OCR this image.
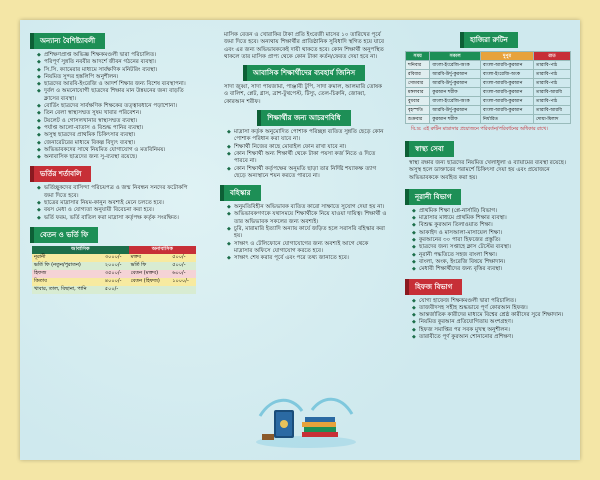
অন্যান্য বৈশিষ্ট্যাবলী
◆ প্রশিক্ষণপ্রাপ্ত অভিজ্ঞ শিক্ষকমণ্ডলী দ্বারা পরিচালিত।
◆ পরিপূর্ণ সুন্নতি নববীর আদর্শে জীবন গঠনের ব্যবস্থা।
◆ সি.সি. ক্যামেরার মাধ্যমে সার্বক্ষণিক মনিটরিং ব্যবস্থা।
◆ নিয়মিত সুন্দর হস্তলিপি অনুশীলন।
◆ ছাত্রদের আরবি-ইংরেজি ও আদর্শ শিক্ষার জন্য বিশেষ ব্যবস্থাপনা।
◆ দুর্বল ও অমনোযোগী ছাত্রদের শিক্ষার মান উন্নয়নের জন্য বাড়তি ক্লাসের ব্যবস্থা।
◆ বোর্ডিং ছাত্রদের সার্বক্ষণিক শিক্ষকের তত্ত্বাবধানে পড়াশোনা।
◆ তিন বেলা স্বাস্থ্যসম্মত সুষম খাবার পরিবেশন।
◆ টয়লেট ও গোসলখানার স্বাস্থ্যসম্মত ব্যবস্থা।
◆ পর্যাপ্ত আলো-বাতাস ও বিশুদ্ধ পানির ব্যবস্থা।
◆ অসুস্থ ছাত্রদের প্রাথমিক চিকিৎসার ব্যবস্থা।
◆ জেনারেটরের মাধ্যমে বিকল্প বিদ্যুৎ ব্যবস্থা।
◆ অভিভাবকদের সাথে নিয়মিত যোগাযোগ ও মতবিনিময়।
◆ অনাবাসিক ছাত্রদের জন্য সু-ব্যবস্থা রয়েছে।
ভর্তির শর্তাবলি
◆ ভর্তিচ্ছুকদের বাসিন্দা পরিচয়পত্র ও জন্ম নিবন্ধন সনদের ফটোকপি জমা দিতে হবে।
◆ ছাত্রের মাদ্রাসার নিয়ম-কানুন অবশ্যই মেনে চলতে হবে।
◆ বয়স মেধা ও যোগ্যতা অনুযায়ী বিবেচনা করা হবে।
◆ ভর্তি ফরম, ভর্তি বাতিল করা মাদ্রাসা কর্তৃপক্ষ কর্তৃক সংরক্ষিত।
বেতন ও ভর্তি ফি
আবাসিক		অনাবাসিক	
নূরানী	৩০০০/-	মক্তব	৫০০/-
ভর্তি ফি (নতুন/পুরাতন)	২০০০/-	ভর্তি ফি	৫০০/-
হিফজ	৩৫০০/-	বেতন (মক্তব)	৬০০/-
কিতাব	৪০০০/-	বেতন (হিফজ)	১০০০/-
খাবার, তাল, বিছানা, পানি	৫০০/-		

মাসিক বেতন ও খোরাকির টাকা প্রতি ইংরেজী মাসের ১০ তারিখের পূর্বে জমা দিতে হবে। অন্যথায় শিক্ষার্থীর প্রাতিষ্ঠানিক সুবিধাদি স্থগিত হয়ে যাবে এবং এর জন্য অভিভাবককেই দায়ী থাকতে হবে। কোন শিক্ষার্থী অনুপস্থিত থাকলে তার মাসিক প্রাপ্য থেকে কোন টাকা কর্তন/ফেরত দেয়া হবে না।

আবাসিক শিক্ষার্থীদের ব্যবহার্য জিনিস

সাদা জুব্বা, সাদা পায়জামা, পাঞ্জাবী টুপি, সাদা রুমাল, আলমারি তোষক ও বালিশ, প্লেট, গ্লাস, ব্রাশ-টুথপেস্ট, টিস্যু, তেল-চিরুনি, জোব্বা, কোরআন শরীফ।

শিক্ষার্থীর জন্য আচরণবিধি
◆ মাদ্রাসা কর্তৃক অনুমোদিত পোশাক পরিচ্ছন্ন ব্যতিত সুন্নতি ছেড়ে কোন পোশাক পরিধান করা যাবে না।
◆ শিক্ষার্থী নিজের কাছে মোবাইল ফোন রাখা যাবে না।
◆ কোন শিক্ষার্থী অন্য শিক্ষার্থী থেকে টাকা পয়সা কর্জ নিতে ও দিতে পারবে না।
◆ কোন শিক্ষার্থী কর্তৃপক্ষের অনুমতি ছাড়া তার নির্দিষ্ট শয্যাকক্ষ ত্যাগ ছেড়ে অন্যস্থানে শয়ন করতে পারবে না।
বহিস্কার
◆ অনুমতিবিহীন অভিভাবক ব্যতিত কারো সাক্ষাতে সুযোগ দেয়া হয় না।
◆ অভিভাবকগণকে যথাসময়ে শিক্ষার্থীকে নিয়ে যাওয়া দায়িত্ব। শিক্ষার্থী ও তার অভিভাবক সকলের জন্য অবশ্যই।
◆ চুরি, মারামারি ইত্যাদি অন্যায় কার্যে জড়িত হলে সরাসরি বহিস্কার করা হয়।
◆ সাক্ষাৎ ও টেলিফোনে যোগাযোগের জন্য অবশ্যই আগে থেকে মাদ্রাসার অফিসে যোগাযোগ করতে হবে।
◆ সাক্ষাৎ শেষ করার পূর্বে এবং পরে তথ্য জানাতে হবে।
হাজিরা রুটিন
সময়	সকাল	দুপুর	রাত
শনিবার	বাংলা-ইংরেজি-অংক	বাংলা-আরবি-কুরআন	তারাবি-পাঠ
রবিবার	আরবি-উর্দু-কুরআন	বাংলা-ইংরেজি-অংক	তারাবি-পাঠ
সোমবার	আরবি-উর্দু-কুরআন	বাংলা-আরবি-কুরআন	তারাবি-পাঠ
মঙ্গলবার	কুরআন শরীফ	বাংলা-আরবি-কুরআন	তারাবি-আরবি
বুধবার	বাংলা-ইংরেজি-অংক	বাংলা-আরবি-কুরআন	তারাবি-পাঠ
বৃহস্পতি	আরবি-উর্দু-কুরআন	বাংলা-আরবি-কুরআন	তারাবি-আরবি
শুক্রবার	কুরআন শরীফ	নির্ধারিত	দোয়া-মিলাদ
বি.দ্র: এই রুটিন মাদ্রাসার প্রয়োজনে পরিবর্তন/পরিবর্ধনের অধিকার রাখে।
স্বাস্থ্য সেবা

স্বাস্থ্য রক্ষার জন্য ছাত্রদের নিয়মিত খেলাধুলা ও ব্যায়ামের ব্যবস্থা রয়েছে। অসুস্থ হলে ডাক্তারের পরামর্শে চিকিৎসা দেয়া হয় এবং প্রয়োজনে অভিভাবককে অবহিত করা হয়।

নূরানী বিভাগ
◆ প্রাথমিক শিক্ষা (প্লে-নার্সারি) বিভাগ।
◆ মাদ্রাসার মাধ্যমে প্রাথমিক শিক্ষার ব্যবস্থা।
◆ বিশুদ্ধ কুরআন তিলাওয়াত শিক্ষা।
◆ আকাইদ ও মাসআলা-মাসায়েল শিক্ষা।
◆ কুরআনের ৩০ পারা হিফজের প্রস্তুতি।
◆ ছাত্রদের জন্য সপ্তাহে ক্লাস টেস্টের ব্যবস্থা।
◆ নূরানী পদ্ধতিতে সহজ বাংলা শিক্ষা।
◆ বাংলা, অংক, ইংরেজি বিষয়ে শিক্ষাদান।
◆ মেধাবী শিক্ষার্থীদের জন্য বৃত্তির ব্যবস্থা।
হিফজ বিভাগ
◆ যোগ্য হাফেজ শিক্ষকমণ্ডলী দ্বারা পরিচালিত।
◆ তাজবীদসহ সহীহ শুদ্ধভাবে পূর্ণ কোরআন হিফজ।
◆ আন্তর্জাতিক কারীদের মাধ্যমে বিশ্বের শ্রেষ্ঠ কারীদের সুরে শিক্ষাদান।
◆ নিয়মিত কুরআন প্রতিযোগিতায় অংশগ্রহণ।
◆ হিফজ সমাপ্তির পর সবক মুখস্থ অনুশীলন।
◆ তারাবীতে পূর্ণ কুরআন শোনানোর প্রশিক্ষণ।
